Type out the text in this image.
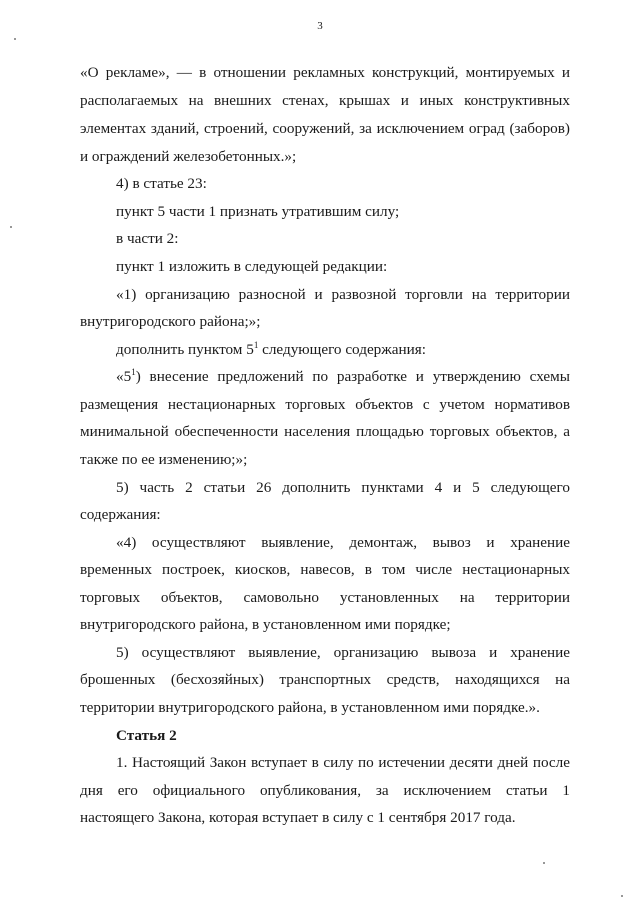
3
«О рекламе», — в отношении рекламных конструкций, монтируемых и
располагаемых на внешних стенах, крышах и иных конструктивных
элементах зданий, строений, сооружений, за исключением оград (заборов)
и ограждений железобетонных.»;
4) в статье 23:
пункт 5 части 1 признать утратившим силу;
в части 2:
пункт 1 изложить в следующей редакции:
«1) организацию разносной и развозной торговли на территории
внутригородского района;»;
дополнить пунктом $5^1$ следующего содержания:
«$5^1$ ) внесение предложений по разработке и утверждению схемы
размещения нестационарных торговых объектов с учетом нормативов
минимальной обеспеченности населения площадью торговых объектов, а
также по ее изменению;»;
5) часть 2 статьи 26 дополнить пунктами 4 и 5 следующего
содержания:
«4) осуществляют выявление, демонтаж, вывоз и хранение
временных построек, киосков, навесов, в том числе нестационарных
торговых объектов, самовольно установленных на территории
внутригородского района, в установленном ими порядке;
5) осуществляют выявление, организацию вывоза и хранение
брошенных (бесхозяйных) транспортных средств, находящихся на
территории внутригородского района, в установленном ими порядке.».
Статья 2
1. Настоящий Закон вступает в силу по истечении десяти дней после
дня его официального опубликования, за исключением статьи 1
настоящего Закона, которая вступает в силу с 1 сентября 2017 года.
